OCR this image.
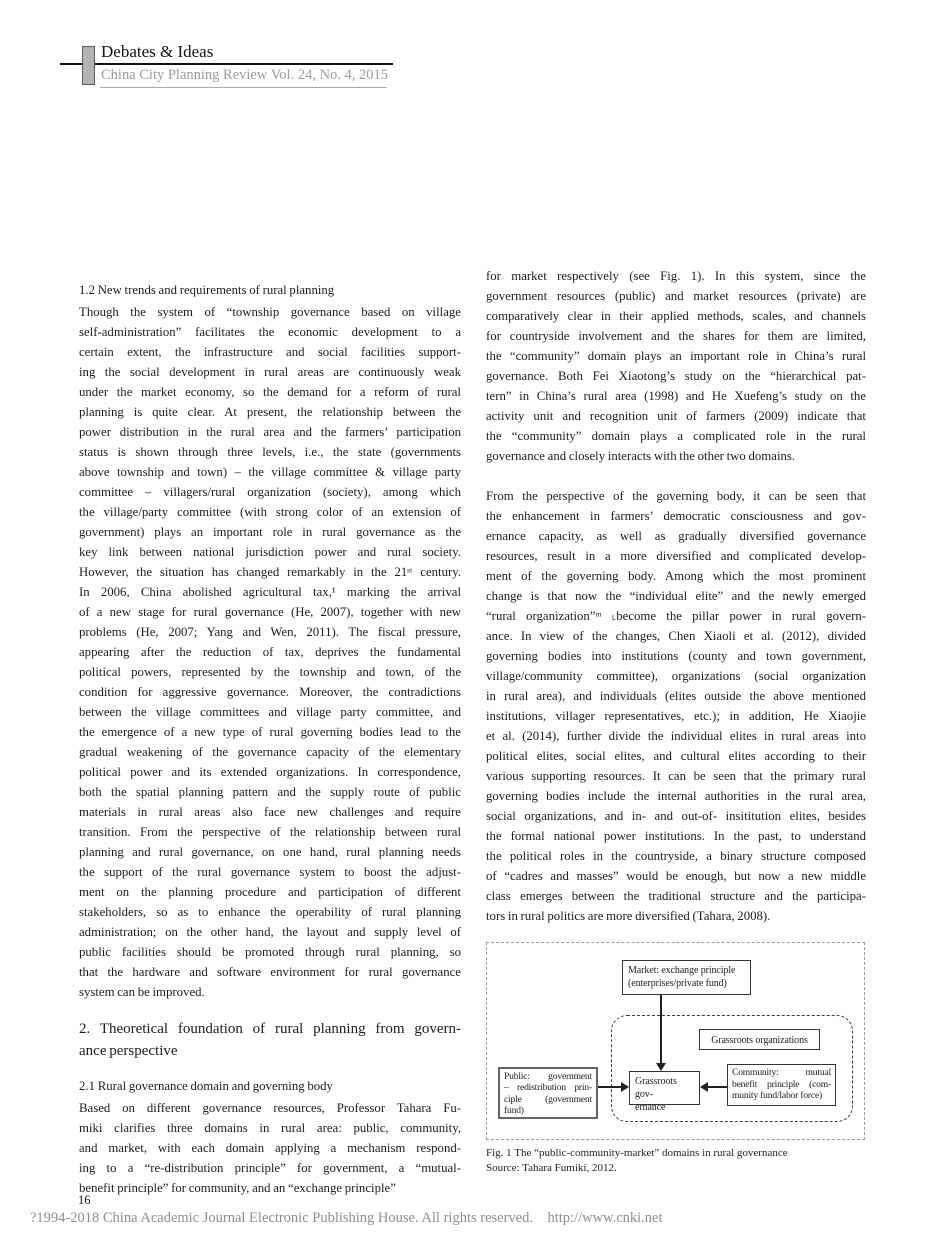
Debates & Ideas
China City Planning Review Vol. 24, No. 4, 2015
1.2 New trends and requirements of rural planning
Though the system of “township governance based on village
self-administration” facilitates the economic development to a
certain extent, the infrastructure and social facilities support-
ing the social development in rural areas are continuously weak
under the market economy, so the demand for a reform of rural
planning is quite clear. At present, the relationship between the
power distribution in the rural area and the farmers’ participation
status is shown through three levels, i.e., the state (governments
above township and town) – the village committee & village party
committee – villagers/rural organization (society), among which
the village/party committee (with strong color of an extension of
government) plays an important role in rural governance as the
key link between national jurisdiction power and rural society.
However, the situation has changed remarkably in the 21ˢᵗ century.
In 2006, China abolished agricultural tax,¹ marking the arrival
of a new stage for rural governance (He, 2007), together with new
problems (He, 2007; Yang and Wen, 2011). The fiscal pressure,
appearing after the reduction of tax, deprives the fundamental
political powers, represented by the township and town, of the
condition for aggressive governance. Moreover, the contradictions
between the village committees and village party committee, and
the emergence of a new type of rural governing bodies lead to the
gradual weakening of the governance capacity of the elementary
political power and its extended organizations. In correspondence,
both the spatial planning pattern and the supply route of public
materials in rural areas also face new challenges and require
transition. From the perspective of the relationship between rural
planning and rural governance, on one hand, rural planning needs
the support of the rural governance system to boost the adjust-
ment on the planning procedure and participation of different
stakeholders, so as to enhance the operability of rural planning
administration; on the other hand, the layout and supply level of
public facilities should be promoted through rural planning, so
that the hardware and software environment for rural governance
system can be improved.
2. Theoretical foundation of rural planning from govern-
ance perspective
2.1 Rural governance domain and governing body
Based on different governance resources, Professor Tahara Fu-
miki clarifies three domains in rural area: public, community,
and market, with each domain applying a mechanism respond-
ing to a “re-distribution principle” for government, a “mutual-
benefit principle” for community, and an “exchange principle”
for market respectively (see Fig. 1). In this system, since the
government resources (public) and market resources (private) are
comparatively clear in their applied methods, scales, and channels
for countryside involvement and the shares for them are limited,
the “community” domain plays an important role in China’s rural
governance. Both Fei Xiaotong’s study on the “hierarchical pat-
tern” in China’s rural area (1998) and He Xuefeng’s study on the
activity unit and recognition unit of farmers (2009) indicate that
the “community” domain plays a complicated role in the rural
governance and closely interacts with the other two domains.
From the perspective of the governing body, it can be seen that
the enhancement in farmers’ democratic consciousness and gov-
ernance capacity, as well as gradually diversified governance
resources, result in a more diversified and complicated develop-
ment of the governing body. Among which the most prominent
change is that now the “individual elite” and the newly emerged
“rural organization”ᵐ ˪become the pillar power in rural govern-
ance. In view of the changes, Chen Xiaoli et al. (2012), divided
governing bodies into institutions (county and town government,
village/community committee), organizations (social organization
in rural area), and individuals (elites outside the above mentioned
institutions, villager representatives, etc.); in addition, He Xiaojie
et al. (2014), further divide the individual elites in rural areas into
political elites, social elites, and cultural elites according to their
various supporting resources. It can be seen that the primary rural
governing bodies include the internal authorities in the rural area,
social organizations, and in- and out-of- insititution elites, besides
the formal national power institutions. In the past, to understand
the political roles in the countryside, a binary structure composed
of “cadres and masses” would be enough, but now a new middle
class emerges between the traditional structure and the participa-
tors in rural politics are more diversified (Tahara, 2008).
Market: exchange principle
(enterprises/private fund)
Grassroots organizations
Public: government
– redistribution prin-
ciple (government
fund)
Grassroots gov-
ernance
Community: mutual
benefit principle (com-
munity fund/labor force)
Fig. 1 The “public-community-market” domains in rural governance
Source: Tahara Fumiki, 2012.
16
?1994-2018 China Academic Journal Electronic Publishing House. All rights reserved.    http://www.cnki.net
